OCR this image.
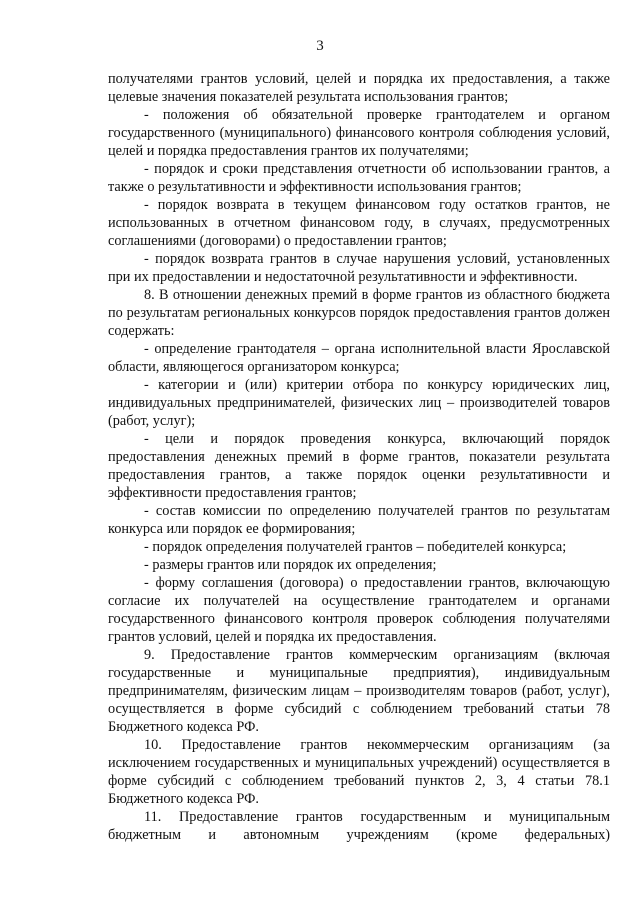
3

получателями грантов условий, целей и порядка их предоставления, а также целевые значения показателей результата использования грантов;

- положения об обязательной проверке грантодателем и органом государственного (муниципального) финансового контроля соблюдения условий, целей и порядка предоставления грантов их получателями;

- порядок и сроки представления отчетности об использовании грантов, а также о результативности и эффективности использования грантов;

- порядок возврата в текущем финансовом году остатков грантов, не использованных в отчетном финансовом году, в случаях, предусмотренных соглашениями (договорами) о предоставлении грантов;

- порядок возврата грантов в случае нарушения условий, установленных при их предоставлении и недостаточной результативности и эффективности.

8. В отношении денежных премий в форме грантов из областного бюджета по результатам региональных конкурсов порядок предоставления грантов должен содержать:

- определение грантодателя – органа исполнительной власти Ярославской области, являющегося организатором конкурса;

- категории и (или) критерии отбора по конкурсу юридических лиц, индивидуальных предпринимателей, физических лиц – производителей товаров (работ, услуг);

- цели и порядок проведения конкурса, включающий порядок предоставления денежных премий в форме грантов, показатели результата предоставления грантов, а также порядок оценки результативности и эффективности предоставления грантов;

- состав комиссии по определению получателей грантов по результатам конкурса или порядок ее формирования;

- порядок определения получателей грантов – победителей конкурса;

- размеры грантов или порядок их определения;

- форму соглашения (договора) о предоставлении грантов, включающую согласие их получателей на осуществление грантодателем и органами государственного финансового контроля проверок соблюдения получателями грантов условий, целей и порядка их предоставления.

9. Предоставление грантов коммерческим организациям (включая государственные и муниципальные предприятия), индивидуальным предпринимателям, физическим лицам – производителям товаров (работ, услуг), осуществляется в форме субсидий с соблюдением требований статьи 78 Бюджетного кодекса РФ.

10. Предоставление грантов некоммерческим организациям (за исключением государственных и муниципальных учреждений) осуществляется в форме субсидий с соблюдением требований пунктов 2, 3, 4 статьи 78.1 Бюджетного кодекса РФ.

11. Предоставление грантов государственным и муниципальным бюджетным и автономным учреждениям (кроме федеральных)
